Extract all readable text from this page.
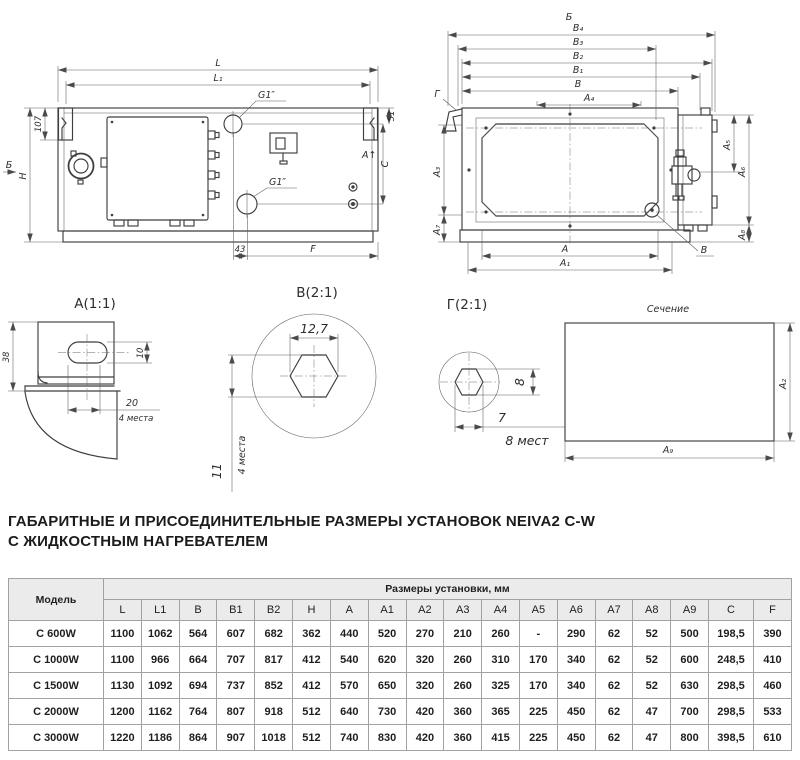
G1″
G1″
L
L₁
107
H
Б
51
C
A↑
43	F
Б
B₄
B₃
B₂
B₁
B
A₄
Г
A₃
A₇
A₅
A₆
A₈
A
A₁
B
А(1:1)
38	10
20
4 места
В(2:1)
12,7
11 4 места
Г(2:1)
8
7
8 мест
Сечение
A₂
A₉
ГАБАРИТНЫЕ И ПРИСОЕДИНИТЕЛЬНЫЕ РАЗМЕРЫ УСТАНОВОК NEIVA2 C-W
С ЖИДКОСТНЫМ НАГРЕВАТЕЛЕМ
Модель	Размеры установки, мм																	
	L	L1	B	B1	B2	H	A	A1	A2	A3	A4	A5	A6	A7	A8	A9	C	F
C 600W	1100	1062	564	607	682	362	440	520	270	210	260	-	290	62	52	500	198,5	390
C 1000W	1100	966	664	707	817	412	540	620	320	260	310	170	340	62	52	600	248,5	410
C 1500W	1130	1092	694	737	852	412	570	650	320	260	325	170	340	62	52	630	298,5	460
C 2000W	1200	1162	764	807	918	512	640	730	420	360	365	225	450	62	47	700	298,5	533
C 3000W	1220	1186	864	907	1018	512	740	830	420	360	415	225	450	62	47	800	398,5	610
